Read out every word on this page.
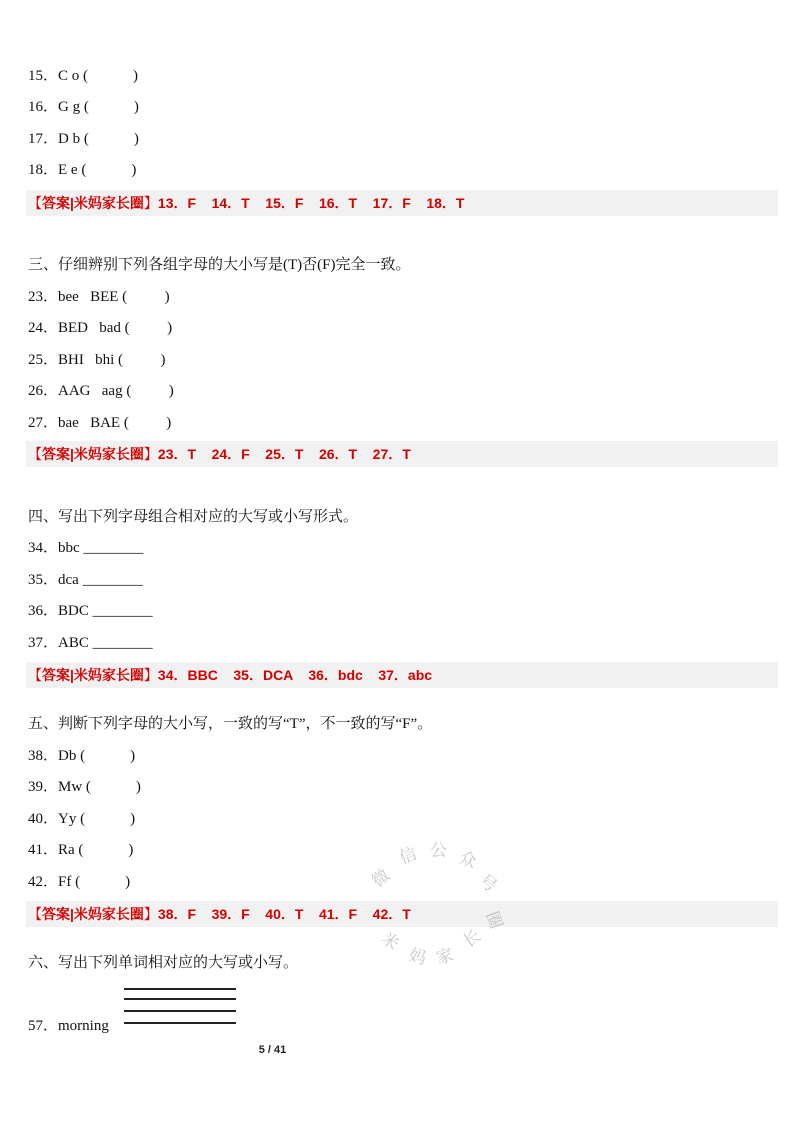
15．C o (            )
16．G g (            )
17．D b (            )
18．E e (            )
【答案|米妈家长圈】13．F    14．T    15．F    16．T    17．F    18．T
三、仔细辨别下列各组字母的大小写是(T)否(F)完全一致。
23．bee   BEE (          )
24．BED   bad (          )
25．BHI   bhi (          )
26．AAG   aag (          )
27．bae   BAE (          )
【答案|米妈家长圈】23．T    24．F    25．T    26．T    27．T
四、写出下列字母组合相对应的大写或小写形式。
34．bbc ________
35．dca ________
36．BDC ________
37．ABC ________
【答案|米妈家长圈】34．BBC    35．DCA    36．bdc    37．abc
五、判断下列字母的大小写，一致的写“T”，不一致的写“F”。
38．Db (            )
39．Mw (            )
40．Yy (            )
41．Ra (            )
42．Ff (            )
【答案|米妈家长圈】38．F    39．F    40．T    41．F    42．T
六、写出下列单词相对应的大写或小写。
57．morning
微
信 公 众
号
圈
长
家
妈
米
5 / 41
